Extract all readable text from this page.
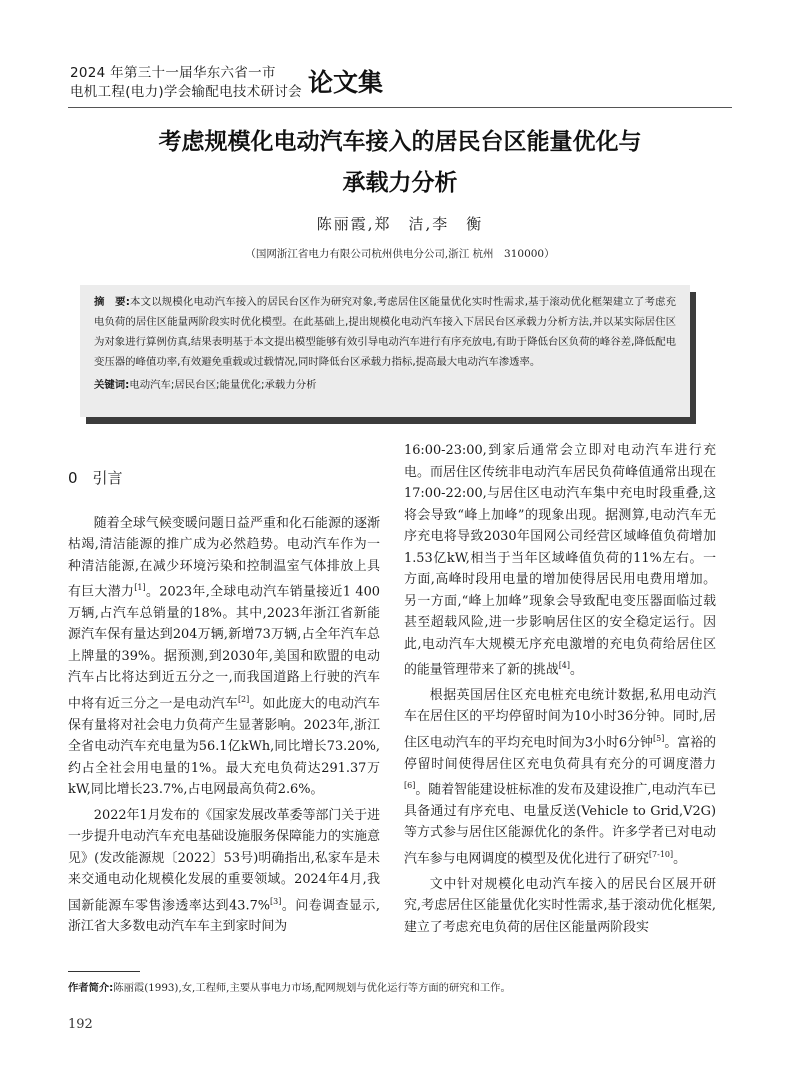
2024 年第三十一届华东六省一市
电机工程(电力)学会输配电技术研讨会 论文集
考虑规模化电动汽车接入的居民台区能量优化与
承载力分析
陈丽霞,郑　洁,李　衡
（国网浙江省电力有限公司杭州供电分公司,浙江 杭州　310000）

摘　要:本文以规模化电动汽车接入的居民台区作为研究对象,考虑居住区能量优化实时性需求,基于滚动优化框架建立了考虑充电负荷的居住区能量两阶段实时优化模型。在此基础上,提出规模化电动汽车接入下居民台区承载力分析方法,并以某实际居住区为对象进行算例仿真,结果表明基于本文提出模型能够有效引导电动汽车进行有序充放电,有助于降低台区负荷的峰谷差,降低配电变压器的峰值功率,有效避免重载或过载情况,同时降低台区承载力指标,提高最大电动汽车渗透率。

关键词:电动汽车;居民台区;能量优化;承载力分析

0　引言

随着全球气候变暖问题日益严重和化石能源的逐渐枯竭,清洁能源的推广成为必然趋势。电动汽车作为一种清洁能源,在减少环境污染和控制温室气体排放上具有巨大潜力[1]。2023年,全球电动汽车销量接近1 400万辆,占汽车总销量的18%。其中,2023年浙江省新能源汽车保有量达到204万辆,新增73万辆,占全年汽车总上牌量的39%。据预测,到2030年,美国和欧盟的电动汽车占比将达到近五分之一,而我国道路上行驶的汽车中将有近三分之一是电动汽车[2]。如此庞大的电动汽车保有量将对社会电力负荷产生显著影响。2023年,浙江全省电动汽车充电量为56.1亿kWh,同比增长73.20%,约占全社会用电量的1%。最大充电负荷达291.37万kW,同比增长23.7%,占电网最高负荷2.6%。

2022年1月发布的《国家发展改革委等部门关于进一步提升电动汽车充电基础设施服务保障能力的实施意见》(发改能源规〔2022〕53号)明确指出,私家车是未来交通电动化规模化发展的重要领域。2024年4月,我国新能源车零售渗透率达到43.7%[3]。问卷调查显示,浙江省大多数电动汽车车主到家时间为

16:00-23:00,到家后通常会立即对电动汽车进行充电。而居住区传统非电动汽车居民负荷峰值通常出现在17:00-22:00,与居住区电动汽车集中充电时段重叠,这将会导致“峰上加峰”的现象出现。据测算,电动汽车无序充电将导致2030年国网公司经营区域峰值负荷增加1.53亿kW,相当于当年区域峰值负荷的11%左右。一方面,高峰时段用电量的增加使得居民用电费用增加。另一方面,“峰上加峰”现象会导致配电变压器面临过载甚至超载风险,进一步影响居住区的安全稳定运行。因此,电动汽车大规模无序充电激增的充电负荷给居住区的能量管理带来了新的挑战[4]。

根据英国居住区充电桩充电统计数据,私用电动汽车在居住区的平均停留时间为10小时36分钟。同时,居住区电动汽车的平均充电时间为3小时6分钟[5]。富裕的停留时间使得居住区充电负荷具有充分的可调度潜力[6]。随着智能建设桩标准的发布及建设推广,电动汽车已具备通过有序充电、电量反送(Vehicle to Grid,V2G)等方式参与居住区能源优化的条件。许多学者已对电动汽车参与电网调度的模型及优化进行了研究[7-10]。

文中针对规模化电动汽车接入的居民台区展开研究,考虑居住区能量优化实时性需求,基于滚动优化框架,建立了考虑充电负荷的居住区能量两阶段实

作者简介:陈丽霞(1993),女,工程师,主要从事电力市场,配网规划与优化运行等方面的研究和工作。
192
